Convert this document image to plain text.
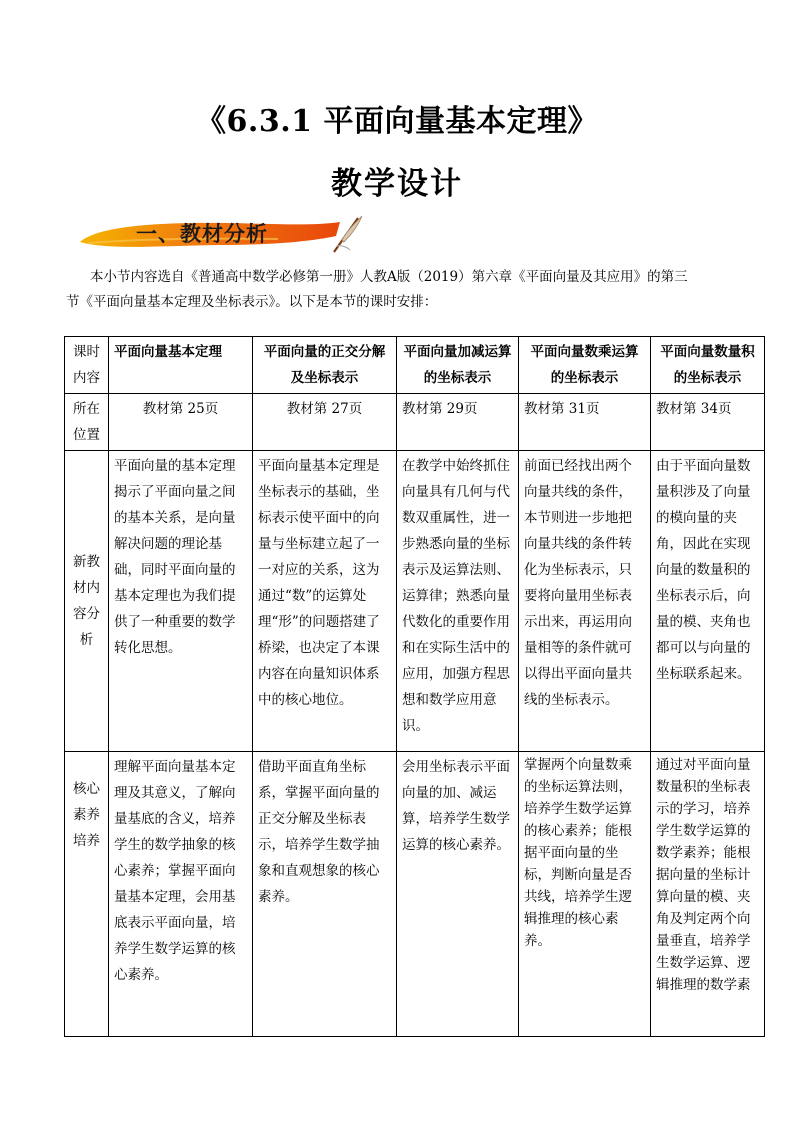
《6.3.1 平面向量基本定理》
教学设计
一、教材分析

本小节内容选自《普通高中数学必修第一册》人教A版（2019）第六章《平面向量及其应用》的第三

节《平面向量基本定理及坐标表示》。以下是本节的课时安排：

课时内容	平面向量基本定理	平面向量的正交分解及坐标表示	平面向量加减运算的坐标表示	平面向量数乘运算的坐标表示	平面向量数量积的坐标表示
所在位置	教材第 25页	教材第 27页	教材第 29页	教材第 31页	教材第 34页
新教材内容分析	平面向量的基本定理揭示了平面向量之间的基本关系，是向量解决问题的理论基础，同时平面向量的基本定理也为我们提供了一种重要的数学转化思想。	平面向量基本定理是坐标表示的基础，坐标表示使平面中的向量与坐标建立起了一一对应的关系，这为通过“数”的运算处理“形”的问题搭建了桥梁，也决定了本课内容在向量知识体系中的核心地位。	在教学中始终抓住向量具有几何与代数双重属性，进一步熟悉向量的坐标表示及运算法则、运算律；熟悉向量代数化的重要作用和在实际生活中的应用，加强方程思想和数学应用意识。	前面已经找出两个向量共线的条件，本节则进一步地把向量共线的条件转化为坐标表示，只要将向量用坐标表示出来，再运用向量相等的条件就可以得出平面向量共线的坐标表示。	由于平面向量数量积涉及了向量的模向量的夹角，因此在实现向量的数量积的坐标表示后，向量的模、夹角也都可以与向量的坐标联系起来。
核心素养培养	理解平面向量基本定理及其意义，了解向量基底的含义，培养学生的数学抽象的核心素养；掌握平面向量基本定理，会用基底表示平面向量，培养学生数学运算的核心素养。	借助平面直角坐标系，掌握平面向量的正交分解及坐标表示，培养学生数学抽象和直观想象的核心素养。	会用坐标表示平面向量的加、减运算，培养学生数学运算的核心素养。	掌握两个向量数乘的坐标运算法则，培养学生数学运算的核心素养；能根据平面向量的坐标，判断向量是否共线，培养学生逻辑推理的核心素养。	通过对平面向量数量积的坐标表示的学习，培养学生数学运算的数学素养；能根据向量的坐标计算向量的模、夹角及判定两个向量垂直，培养学生数学运算、逻辑推理的数学素
